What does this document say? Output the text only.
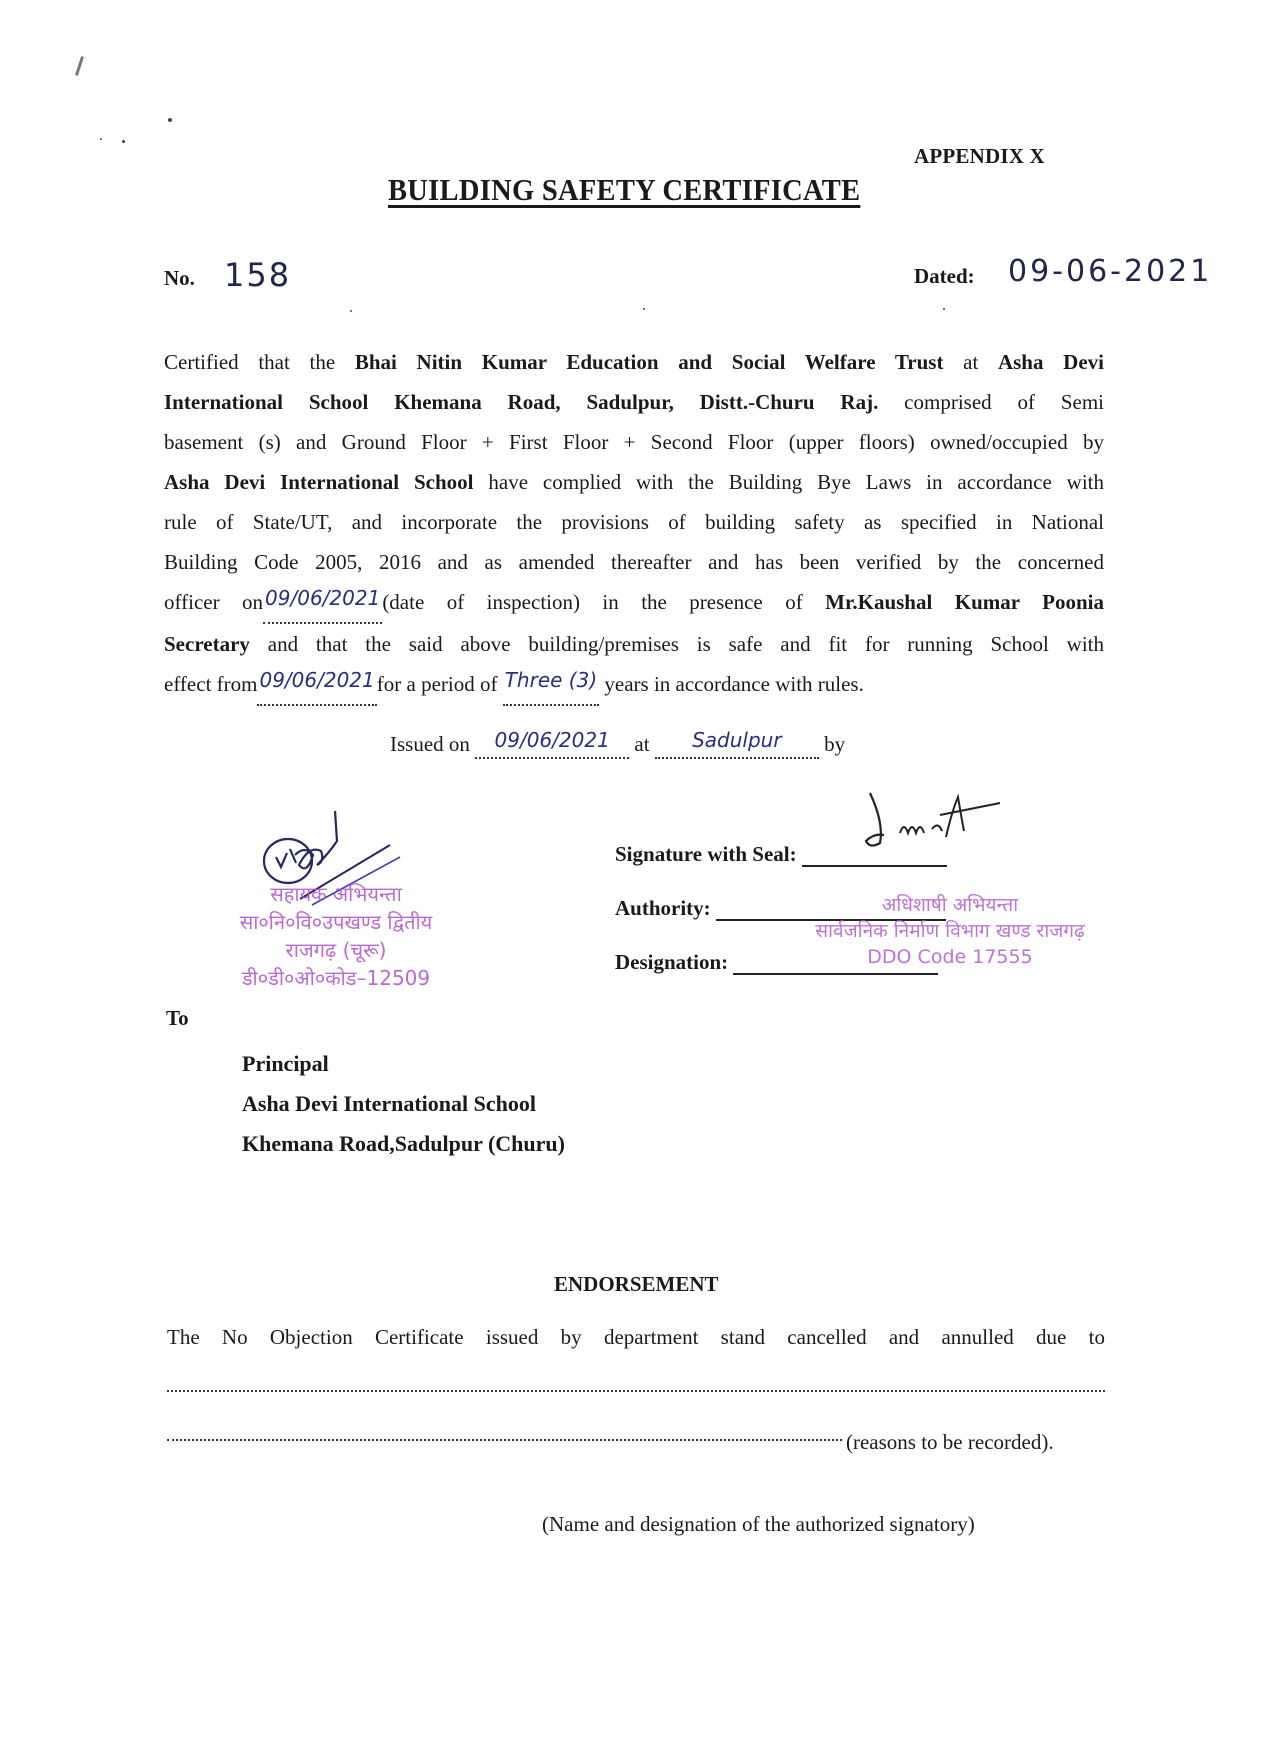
APPENDIX X
BUILDING SAFETY CERTIFICATE
No. 158	Dated: 09-06-2021
Certified that the Bhai Nitin Kumar Education and Social Welfare Trust at Asha Devi
International School Khemana Road, Sadulpur, Distt.-Churu Raj. comprised of Semi
basement (s) and Ground Floor + First Floor + Second Floor (upper floors) owned/occupied by
Asha Devi International School have complied with the Building Bye Laws in accordance with
rule of State/UT, and incorporate the provisions of building safety as specified in National
Building Code 2005, 2016 and as amended thereafter and has been verified by the concerned
officer on 09/06/2021(date of inspection) in the presence of Mr.Kaushal Kumar Poonia
Secretary and that the said above building/premises is safe and fit for running School with
effect from 09/06/2021for a period of Three (3) years in accordance with rules.
Issued on 09/06/2021 at Sadulpur by
सहायक अभियन्ता
सा०नि०वि०उपखण्ड द्वितीय
राजगढ़ (चूरू)
डी०डी०ओ०कोड–12509
Signature with Seal:
Authority:
Designation:
अधिशाषी अभियन्ता
सार्वजनिक निर्माण विभाग खण्ड राजगढ़
DDO Code 17555
To
Principal
Asha Devi International School
Khemana Road,Sadulpur (Churu)
ENDORSEMENT
The No Objection Certificate issued by department stand cancelled and annulled due to
(reasons to be recorded).
(Name and designation of the authorized signatory)
